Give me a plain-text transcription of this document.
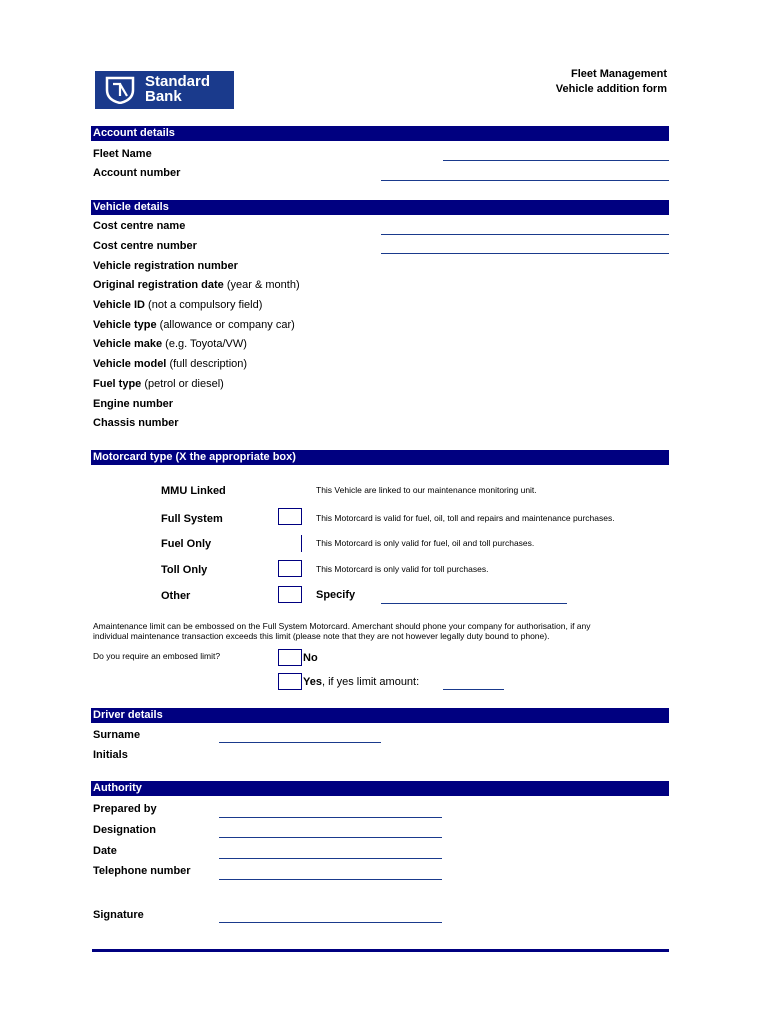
Standard
Bank
Fleet Management
Vehicle addition form
Account details
Fleet Name
Account number
Vehicle details
Cost centre name
Cost centre number
Vehicle registration number
Original registration date (year & month)
Vehicle ID (not a compulsory field)
Vehicle type (allowance or company car)
Vehicle make (e.g. Toyota/VW)
Vehicle model (full description)
Fuel type (petrol or diesel)
Engine number
Chassis number
Motorcard type (X the appropriate box)
MMU Linked	This Vehicle are linked to our maintenance monitoring unit.
Full System	This Motorcard is valid for fuel, oil, toll and repairs and maintenance purchases.
Fuel Only	This Motorcard is only valid for fuel, oil and toll purchases.
Toll Only	This Motorcard is only valid for toll purchases.
Other	Specify
Amaintenance limit can be embossed on the Full System Motorcard. Amerchant should phone your company for authorisation, if any
individual maintenance transaction exceeds this limit (please note that they are not however legally duty bound to phone).
Do you require an embosed limit?	No
Yes, if yes limit amount:
Driver details
Surname
Initials
Authority
Prepared by
Designation
Date
Telephone number
Signature
